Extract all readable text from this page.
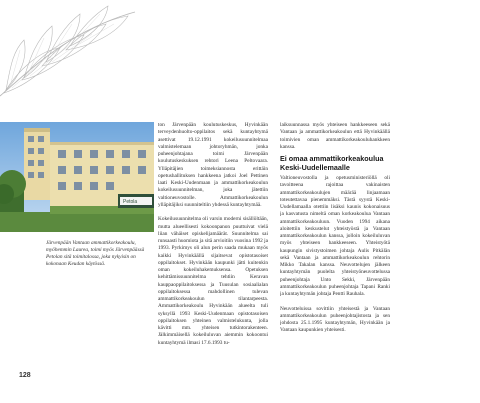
Petola
Järvenpään Vantaan ammattikorkeakoulu, myöhemmin Laurea, toimi myös Järvenpäässä Petolan sitä toimitalossa, joka nykyisin on kokonaan Keudan käytössä.

ton Järvenpään koulutuskeskus, Hyvinkään terveydenhuolto-oppilaitos sekä kuntayhtymä asettivat 19.12.1991 kokeilusuunnitelmaa valmistelemaan johtoryhmän, jonka puheenjohtajana toimi Järvenpään koulutuskeskuksen rehtori Leena Peltovaara. Ylläpitäjien toimeksiannosta erittäin opetushallituksen hankkeena jatkoi Joel Pettinen laati Keski-Uudenmaan ja ammattikorkeakoulun kokeilusuunnitelman, joka jätettiin valtioneuvostolle. Ammattikorkeakoulun ylläpitäjiksi suunniteltiin yhdessä kuntayhtymää.

Kokeilusuunnitelma oli varsin moderni sisällöltään, mutta alueellisesti kokoonpanon puuttuivat vielä liian vähäiset opiskelijamäärät. Suunnitelma sai runsaasti huomiota ja sitä arvioitiin vuosina 1992 ja 1993. Pyrkimys oli alun perin saada mukaan myös kaikki Hyvinkäällä sijaitsevat opistotasoiset oppilaitokset. Hyvinkään kaupunki jätti kuitenkin oman kokeiluhakemuksensa. Opetuksen kehittämissuunnitelma tehtiin Keravan kauppaoppilaitoksessa ja Tuusulan sosiaalialan oppilaitoksessa mahdollinen tulevan ammattikorkeakoulun tilantarpeesta. Ammattikorkeakoulu Hyvinkään alueelta tuli syksyllä 1993 Keski-Uudenmaan opistotasoisen oppilaitoksen yhteinen valmistelukunta, jolla kävitti mm. yhteisen tutkintorakenteen. Jälkimmäisellä kokeiluluvan aiemmin kokoontui kuntayhtymä ilmasi 17.6.1993 tu-

laiksuunnassa myös yhteiseen hankkeeseen sekä Vantaan ja ammattikorkeakoulun että Hyvinkäällä toimivien oman ammattikorkeakouluhankkeen kanssa.

Ei omaa ammattikorkeakoulua Keski-Uudellemaalle

Valtioneuvostolla ja opetusministeriöllä oli tavoitteena rajoittaa vakinaisten ammattikorkeakoulujen määrää linjaamaan toteutettavaa pienemmäksi. Tästä syystä Keski-Uudellamaalla otettiin lisäksi kaunis kokonaisuus ja kasvatusta nimeltä oman korkeakoulua Vantaan ammattikorkeakouluun. Vuoden 1994 aikana aloitettiin keskustelut yhteistyöstä ja Vantaan ammattikorkeakoulun kanssa, jolloin kokeiluluvan myös yhteiseen hankkeeseen. Yhteistyötä kaupungin sivistystoimen johtaja Aulis Pitkälän sekä Vantaan ja ammattikorkeakoulun rehtorin Mikko Takalan kanssa. Neuvottelujen jälkeen kuntayhtymän puolelta yhteistyöneuvottelussa puheenjohtaja Unto Sekki, Järvenpään ammattikorkeakoulun puheenjohtaja Tapani Ranki ja kuntayhtymän johtaja Pentti Rauhala.

Neuvotteluissa sovittiin yhteisestä ja Vantaan ammattikorkeakoulun puheenjohtajistosta ja sen johdosta 25.1.1995 kuntayhtymän, Hyvinkään ja Vantaan kaupunkien yhteisesti.

128
